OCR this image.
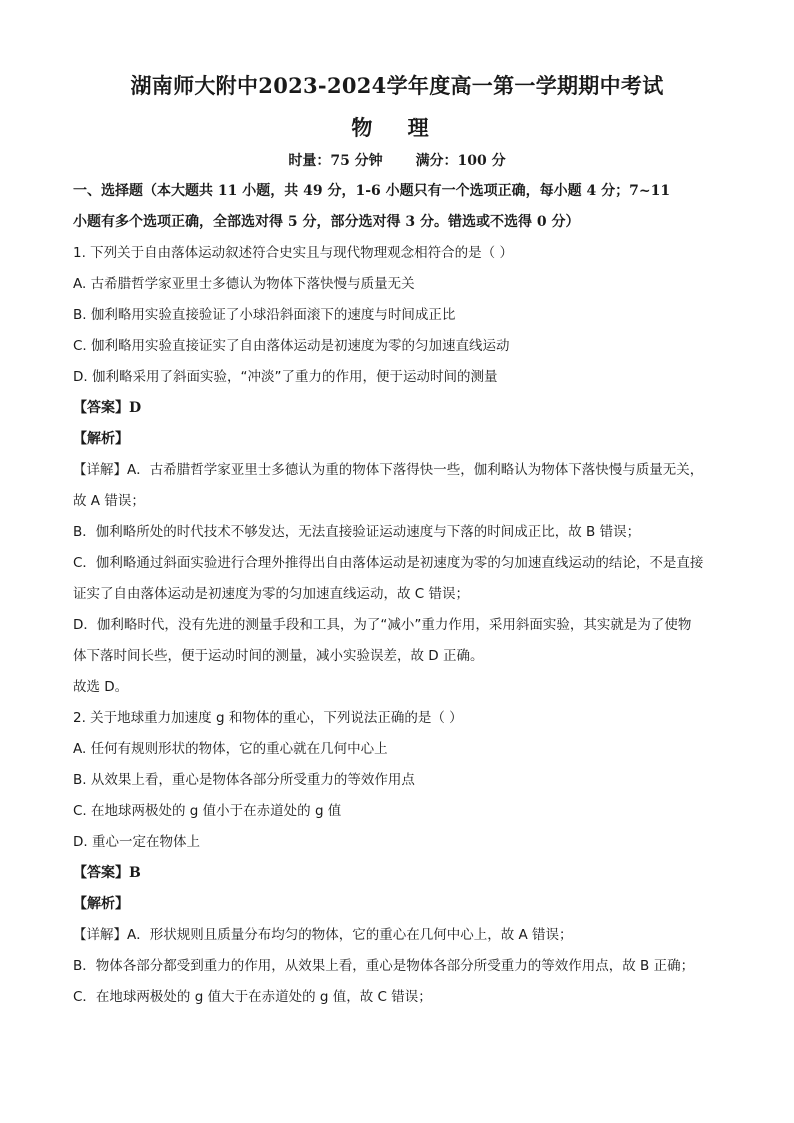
湖南师大附中2023-2024学年度高一第一学期期中考试
物 理
时量：75 分钟 满分：100 分
一、选择题（本大题共 11 小题，共 49 分，1-6 小题只有一个选项正确，每小题 4 分；7~11
小题有多个选项正确，全部选对得 5 分，部分选对得 3 分。错选或不选得 0 分）
1. 下列关于自由落体运动叙述符合史实且与现代物理观念相符合的是（ ）
A. 古希腊哲学家亚里士多德认为物体下落快慢与质量无关
B. 伽利略用实验直接验证了小球沿斜面滚下的速度与时间成正比
C. 伽利略用实验直接证实了自由落体运动是初速度为零的匀加速直线运动
D. 伽利略采用了斜面实验，“冲淡”了重力的作用，便于运动时间的测量
【答案】D
【解析】
【详解】A．古希腊哲学家亚里士多德认为重的物体下落得快一些，伽利略认为物体下落快慢与质量无关，
故 A 错误；
B．伽利略所处的时代技术不够发达，无法直接验证运动速度与下落的时间成正比，故 B 错误；
C．伽利略通过斜面实验进行合理外推得出自由落体运动是初速度为零的匀加速直线运动的结论，不是直接
证实了自由落体运动是初速度为零的匀加速直线运动，故 C 错误；
D．伽利略时代，没有先进的测量手段和工具，为了“减小”重力作用，采用斜面实验，其实就是为了使物
体下落时间长些，便于运动时间的测量，减小实验误差，故 D 正确。
故选 D。
2. 关于地球重力加速度 g 和物体的重心，下列说法正确的是（ ）
A. 任何有规则形状的物体，它的重心就在几何中心上
B. 从效果上看，重心是物体各部分所受重力的等效作用点
C. 在地球两极处的 g 值小于在赤道处的 g 值
D. 重心一定在物体上
【答案】B
【解析】
【详解】A．形状规则且质量分布均匀的物体，它的重心在几何中心上，故 A 错误；
B．物体各部分都受到重力的作用，从效果上看，重心是物体各部分所受重力的等效作用点，故 B 正确；
C．在地球两极处的 g 值大于在赤道处的 g 值，故 C 错误；
